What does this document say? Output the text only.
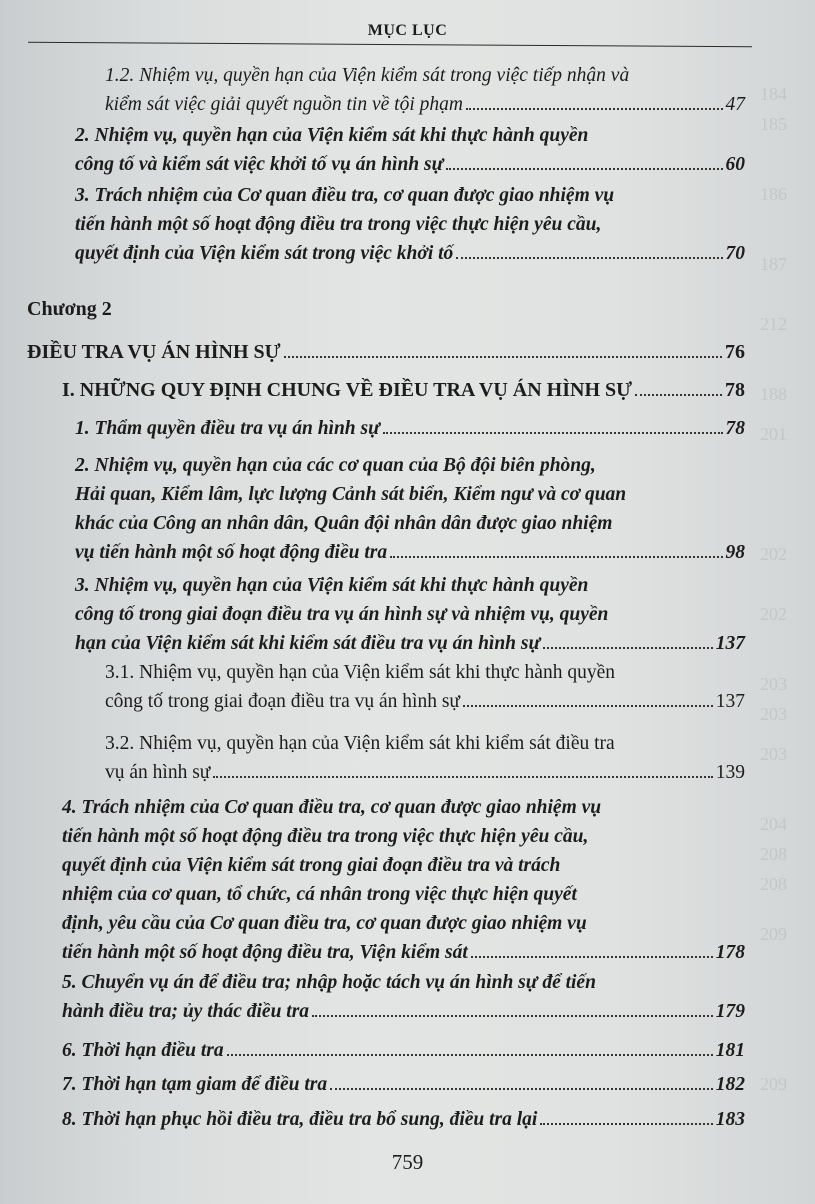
MỤC LỤC
Chương 2
1.2. Nhiệm vụ, quyền hạn của Viện kiểm sát trong việc tiếp nhận và
kiểm sát việc giải quyết nguồn tin về tội phạm	47
2. Nhiệm vụ, quyền hạn của Viện kiểm sát khi thực hành quyền
công tố và kiểm sát việc khởi tố vụ án hình sự	60
3. Trách nhiệm của Cơ quan điều tra, cơ quan được giao nhiệm vụ
tiến hành một số hoạt động điều tra trong việc thực hiện yêu cầu,
quyết định của Viện kiểm sát trong việc khởi tố	70
ĐIỀU TRA VỤ ÁN HÌNH SỰ	76
I. NHỮNG QUY ĐỊNH CHUNG VỀ ĐIỀU TRA VỤ ÁN HÌNH SỰ	78
1. Thẩm quyền điều tra vụ án hình sự	78
2. Nhiệm vụ, quyền hạn của các cơ quan của Bộ đội biên phòng,
Hải quan, Kiểm lâm, lực lượng Cảnh sát biển, Kiểm ngư và cơ quan
khác của Công an nhân dân, Quân đội nhân dân được giao nhiệm
vụ tiến hành một số hoạt động điều tra	98
3. Nhiệm vụ, quyền hạn của Viện kiểm sát khi thực hành quyền
công tố trong giai đoạn điều tra vụ án hình sự và nhiệm vụ, quyền
hạn của Viện kiểm sát khi kiểm sát điều tra vụ án hình sự	137
3.1. Nhiệm vụ, quyền hạn của Viện kiểm sát khi thực hành quyền
công tố trong giai đoạn điều tra vụ án hình sự	137
3.2. Nhiệm vụ, quyền hạn của Viện kiểm sát khi kiểm sát điều tra
vụ án hình sự	139
4. Trách nhiệm của Cơ quan điều tra, cơ quan được giao nhiệm vụ
tiến hành một số hoạt động điều tra trong việc thực hiện yêu cầu,
quyết định của Viện kiểm sát trong giai đoạn điều tra và trách
nhiệm của cơ quan, tổ chức, cá nhân trong việc thực hiện quyết
định, yêu cầu của Cơ quan điều tra, cơ quan được giao nhiệm vụ
tiến hành một số hoạt động điều tra, Viện kiểm sát	178
5. Chuyển vụ án để điều tra; nhập hoặc tách vụ án hình sự để tiến
hành điều tra; ủy thác điều tra	179
6. Thời hạn điều tra	181
7. Thời hạn tạm giam để điều tra	182
8. Thời hạn phục hồi điều tra, điều tra bổ sung, điều tra lại	183
759
